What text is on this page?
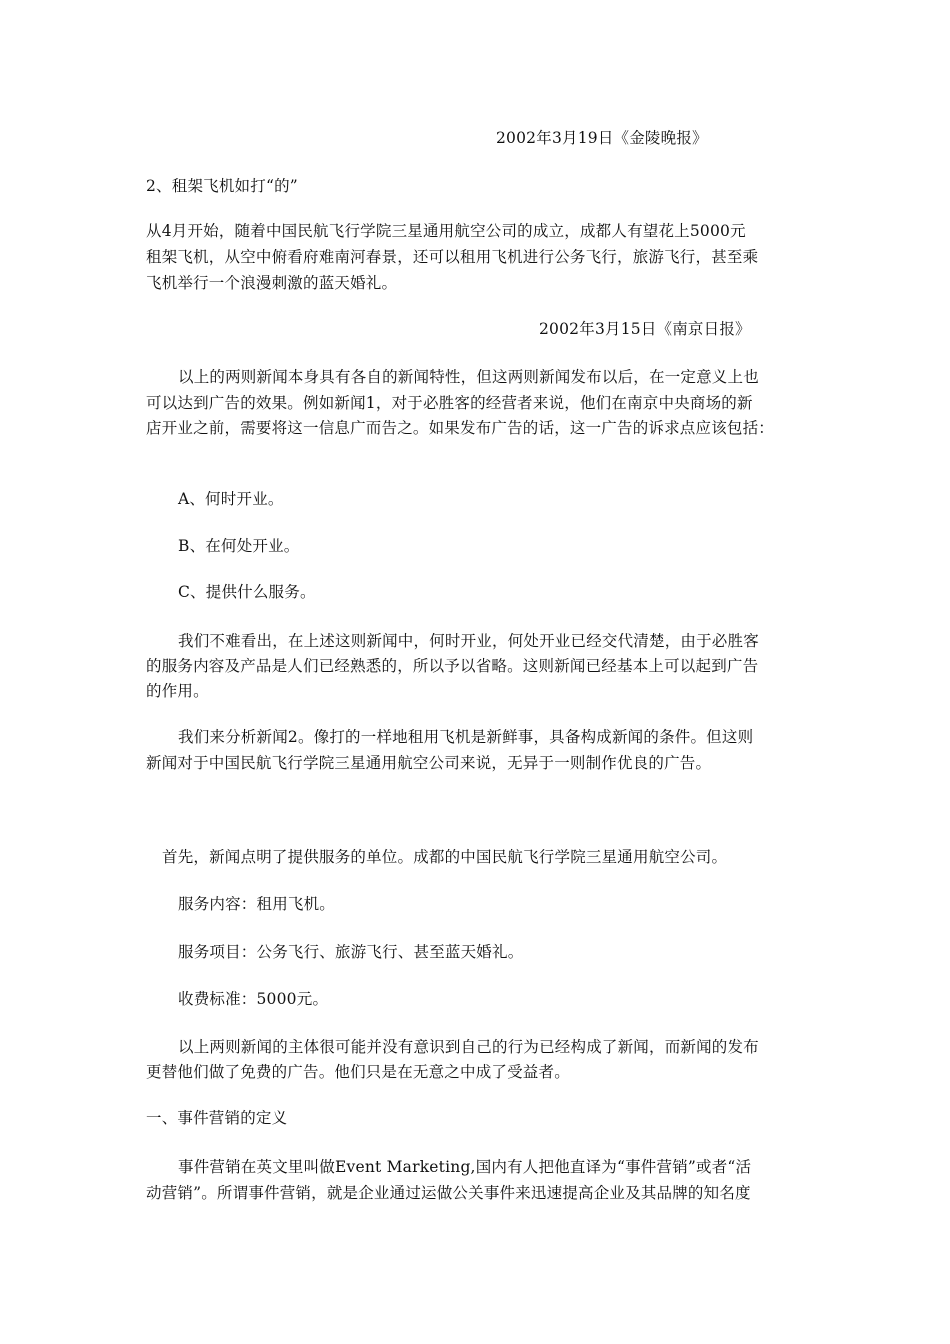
2002年3月19日《金陵晚报》
2、租架飞机如打“的”
从4月开始，随着中国民航飞行学院三星通用航空公司的成立，成都人有望花上5000元
租架飞机，从空中俯看府难南河春景，还可以租用飞机进行公务飞行，旅游飞行，甚至乘
飞机举行一个浪漫刺激的蓝天婚礼。
2002年3月15日《南京日报》
以上的两则新闻本身具有各自的新闻特性，但这两则新闻发布以后，在一定意义上也
可以达到广告的效果。例如新闻1，对于必胜客的经营者来说，他们在南京中央商场的新
店开业之前，需要将这一信息广而告之。如果发布广告的话，这一广告的诉求点应该包括：
A、何时开业。
B、在何处开业。
C、提供什么服务。
我们不难看出，在上述这则新闻中，何时开业，何处开业已经交代清楚，由于必胜客
的服务内容及产品是人们已经熟悉的，所以予以省略。这则新闻已经基本上可以起到广告
的作用。
我们来分析新闻2。像打的一样地租用飞机是新鲜事，具备构成新闻的条件。但这则
新闻对于中国民航飞行学院三星通用航空公司来说，无异于一则制作优良的广告。
首先，新闻点明了提供服务的单位。成都的中国民航飞行学院三星通用航空公司。
服务内容：租用飞机。
服务项目：公务飞行、旅游飞行、甚至蓝天婚礼。
收费标准：5000元。
以上两则新闻的主体很可能并没有意识到自己的行为已经构成了新闻，而新闻的发布
更替他们做了免费的广告。他们只是在无意之中成了受益者。
一、事件营销的定义
事件营销在英文里叫做Event Marketing,国内有人把他直译为“事件营销”或者“活
动营销”。所谓事件营销，就是企业通过运做公关事件来迅速提高企业及其品牌的知名度
